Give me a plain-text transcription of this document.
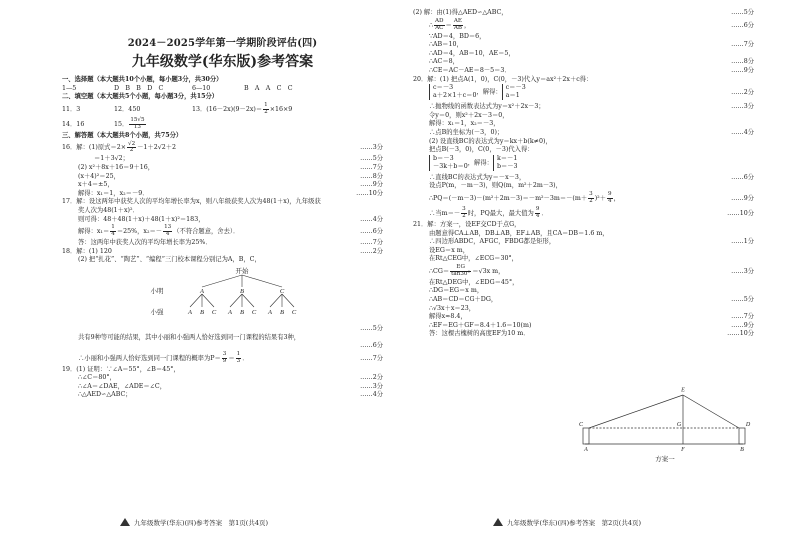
2024－2025学年第一学期阶段评估(四)
九年级数学(华东版)参考答案
一、选择题（本大题共10个小题，每小题3分，共30分）
1—5	D　B　B　D　C	6—10	B　A　A　C　C
二、填空题（本大题共5个小题，每小题3分，共15分）
11．3	12．450	13．$(16-2x)(9-2x)= \frac{1}{2} \times 16\times 9$
14．16	15． $\frac{15√5}{13}$
三、解答题（本大题共8个小题，共75分）
16．解：(1)原式$=2\times \frac{√2}{2} -1+2√2+2$	……3分
＝1＋3√2；	……5分
(2) x²＋8x＋16＝9＋16，	……7分
(x＋4)²＝25，	……8分
x＋4＝±5，	……9分
解得：x₁＝1，x₂＝－9．	……10分
17．解：设这两年中获奖人次的平均年增长率为x，则八年级获奖人次为48(1＋x)，九年级获
奖人次为48(1＋x)²．
则可得：48＋48(1＋x)＋48(1＋x)²＝183，	……4分
解得：$x_1= \frac{1}{4} =25\%$，$x_2=- \frac{13}{4}$ （不符合题意，舍去）．	……6分
答：这两年中获奖人次的平均年增长率为25%．	……7分
18．解：(1) 120	……2分
(2) 把“扎花”、“陶艺”、“编程”三门校本课程分别记为A，B，C，
开始
小明
小强
A	B	C
A B C A B C A B C
……5分
共有9种等可能的结果，其中小丽和小强两人恰好选到同一门课程的结果有3种，
……6分
∴小丽和小强两人恰好选到同一门课程的概率为$P= \frac{3}{9} = \frac{1}{3}$ ．	……7分
19．(1) 证明：∵∠A＝55°，∠B＝45°，
∴∠C＝80°，	……2分
∴∠A＝∠DAE，∠ADE＝∠C，	……3分
∴△AED∽△ABC；	……4分
九年级数学(华东)(四)参考答案　第1页(共4页)
(2) 解：由(1)得△AED∽△ABC，	……5分
∴ $\frac{AD}{AC} = \frac{AE}{AB}$ ，	……6分
∵AD＝4，BD＝6，
∴AB＝10，	……7分
∴AD＝4，AB＝10，AE＝5，
∴AC＝8，	……8分
∴CE＝AC－AE＝8－5＝3．	……9分
20．解：(1) 把点A(1，0)，C(0，－3)代入y＝ax²＋2x＋c得：
c＝－3
a＋2×1＋c＝0，解得：c＝－3
a＝1	……2分
∴抛物线的函数表达式为y＝x²＋2x－3；	……3分
令y＝0，则x²＋2x－3＝0，
解得：x₁＝1，x₂＝－3，
∴点B的坐标为(－3，0)；	……4分
(2) 设直线BC的表达式为y＝kx＋b(k≠0)，
把点B(－3，0)，C(0，－3)代入得：
b＝－3
－3k＋b＝0，解得：k＝－1
b＝－3
∴直线BC的表达式为y＝－x－3，	……6分
设点P(m，－m－3)，则Q(m，m²＋2m－3)，
∴PQ＝(－m－3)－(m²＋2m－3)＝－m²－3m＝－(m＋ $\frac{3}{2} )^2+ \frac{9}{4}$ ，	……9分
∴当$m=- \frac{3}{2}$ 时，PQ最大，最大值为 $\frac{9}{4}$ ．	……10分
21．解：方案一，设EF交CD于点G，
由题意得CA⊥AB，DB⊥AB，EF⊥AB，且CA＝DB＝1.6 m，
∴四边形ABDC，AFGC，FBDG都是矩形，	……1分
设EG＝x m，
在Rt△CEG中，∠ECG＝30°，
∴CG＝ $\frac{EG}{\tan 30^\circ} =√3x$ m，	……3分
在Rt△DEG中，∠EDG＝45°，
∴DG＝EG＝x m，
∴AB＝CD＝CG＋DG，	……5分
∴√3x＋x＝23，
解得x≈8.4，	……7分
∴EF＝EG＋GF＝8.4＋1.6＝10(m)	……9分
答：这棵古槐树的高度EF为10 m．	……10分
E
C	G	D
A	F	B
方案一
九年级数学(华东)(四)参考答案　第2页(共4页)
